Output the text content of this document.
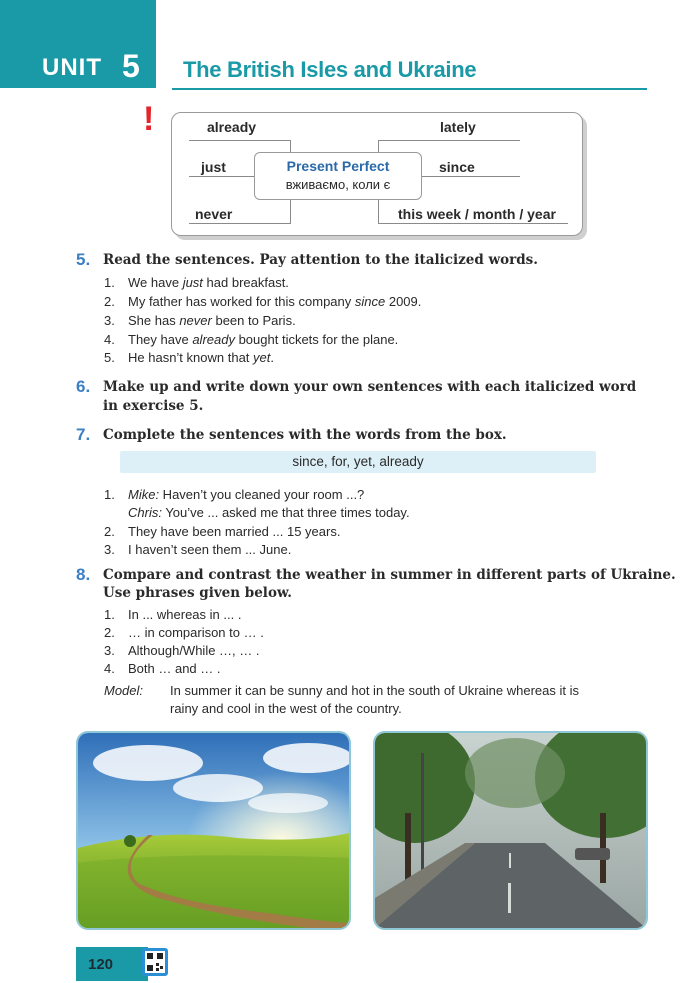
UNIT 5 The British Isles and Ukraine
!	already	lately
just	since
never	this week / month / year
Present Perfect
вживаємо, коли є
5. Read the sentences. Pay attention to the italicized words.
1. We have just had breakfast.
2. My father has worked for this company since 2009.
3. She has never been to Paris.
4. They have already bought tickets for the plane.
5. He hasn’t known that yet.
6. Make up and write down your own sentences with each italicized word
in exercise 5.
7. Complete the sentences with the words from the box.
since, for, yet, already
1. Mike: Haven’t you cleaned your room ...?
Chris: You’ve ... asked me that three times today.
2. They have been married ... 15 years.
3. I haven’t seen them ... June.
8. Compare and contrast the weather in summer in different parts of Ukraine.
Use phrases given below.
1. In ... whereas in ... .
2. … in comparison to … .
3. Although/While …, … .
4. Both … and … .
Model: In summer it can be sunny and hot in the south of Ukraine whereas it is
rainy and cool in the west of the country.
120
